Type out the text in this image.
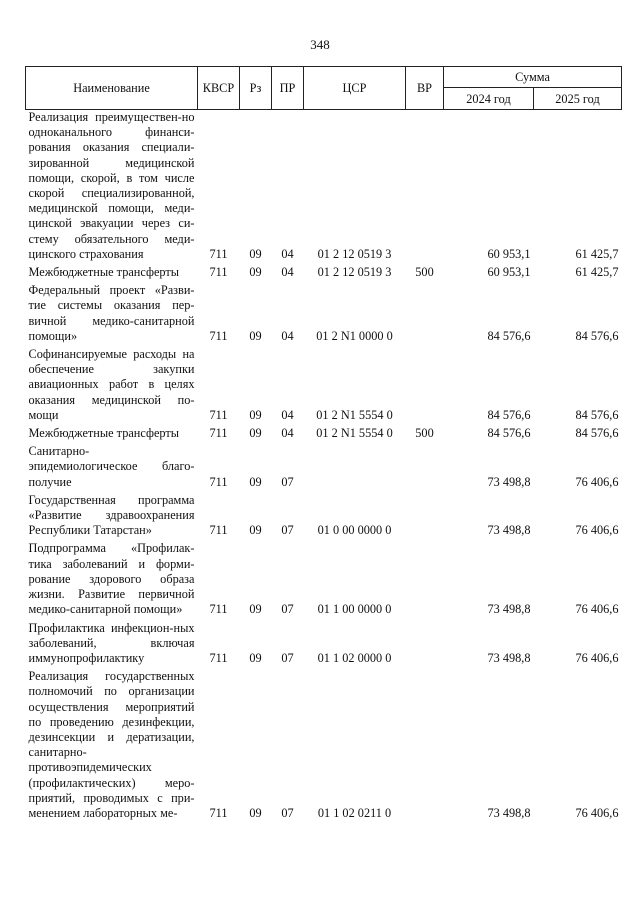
348
Наименование	КВСР	Рз	ПР	ЦСР	ВР	Сумма	
						2024 год	2025 год
Реализация преимуществен-но одноканального финанси-рования оказания специали-зированной медицинской помощи, скорой, в том числе скорой специализированной, медицинской помощи, меди-цинской эвакуации через си-стему обязательного меди-цинского страхования	711	09	04	01 2 12 0519 3		60 953,1	61 425,7
Межбюджетные трансферты	711	09	04	01 2 12 0519 3	500	60 953,1	61 425,7
Федеральный проект «Разви-тие системы оказания пер-вичной медико-санитарной помощи»	711	09	04	01 2 N1 0000 0		84 576,6	84 576,6
Софинансируемые расходы на обеспечение закупки авиационных работ в целях оказания медицинской по-мощи	711	09	04	01 2 N1 5554 0		84 576,6	84 576,6
Межбюджетные трансферты	711	09	04	01 2 N1 5554 0	500	84 576,6	84 576,6
Санитарно-эпидемиологическое благо-получие	711	09	07			73 498,8	76 406,6
Государственная программа «Развитие здравоохранения Республики Татарстан»	711	09	07	01 0 00 0000 0		73 498,8	76 406,6
Подпрограмма «Профилак-тика заболеваний и форми-рование здорового образа жизни. Развитие первичной медико-санитарной помощи»	711	09	07	01 1 00 0000 0		73 498,8	76 406,6
Профилактика инфекцион-ных заболеваний, включая иммунопрофилактику	711	09	07	01 1 02 0000 0		73 498,8	76 406,6
Реализация государственных полномочий по организации осуществления мероприятий по проведению дезинфекции, дезинсекции и дератизации, санитарно-противоэпидемических (профилактических) меро-приятий, проводимых с при-менением лабораторных ме-	711	09	07	01 1 02 0211 0		73 498,8	76 406,6
